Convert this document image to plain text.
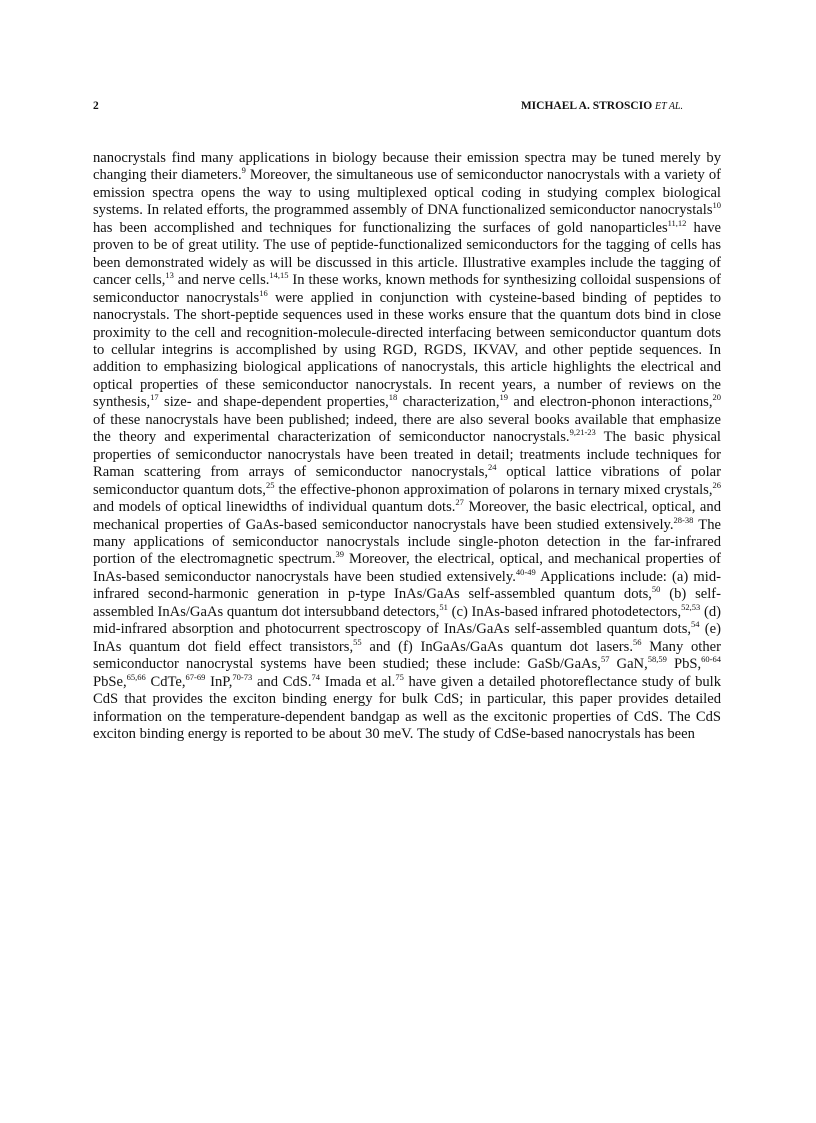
2	MICHAEL A. STROSCIO ET AL.

nanocrystals find many applications in biology because their emission spectra may be tuned merely by changing their diameters.$^9$ Moreover, the simultaneous use of semiconductor nanocrystals with a variety of emission spectra opens the way to using multiplexed optical coding in studying complex biological systems. In related efforts, the programmed assembly of DNA functionalized semiconductor nanocrystals$^{10}$ has been accomplished and techniques for functionalizing the surfaces of gold nanoparticles$^{11,12}$ have proven to be of great utility. The use of peptide-functionalized semiconductors for the tagging of cells has been demonstrated widely as will be discussed in this article. Illustrative examples include the tagging of cancer cells,$^{13}$ and nerve cells.$^{14,15}$ In these works, known methods for synthesizing colloidal suspensions of semiconductor nanocrystals$^{16}$ were applied in conjunction with cysteine-based binding of peptides to nanocrystals. The short-peptide sequences used in these works ensure that the quantum dots bind in close proximity to the cell and recognition-molecule-directed interfacing between semiconductor quantum dots to cellular integrins is accomplished by using RGD, RGDS, IKVAV, and other peptide sequences. In addition to emphasizing biological applications of nanocrystals, this article highlights the electrical and optical properties of these semiconductor nanocrystals. In recent years, a number of reviews on the synthesis,$^{17}$ size- and shape-dependent properties,$^{18}$ characterization,$^{19}$ and electron-phonon interactions,$^{20}$ of these nanocrystals have been published; indeed, there are also several books available that emphasize the theory and experimental characterization of semiconductor nanocrystals.$^{9,21-23}$ The basic physical properties of semiconductor nanocrystals have been treated in detail; treatments include techniques for Raman scattering from arrays of semiconductor nanocrystals,$^{24}$ optical lattice vibrations of polar semiconductor quantum dots,$^{25}$ the effective-phonon approximation of polarons in ternary mixed crystals,$^{26}$ and models of optical linewidths of individual quantum dots.$^{27}$ Moreover, the basic electrical, optical, and mechanical properties of GaAs-based semiconductor nanocrystals have been studied extensively.$^{28-38}$ The many applications of semiconductor nanocrystals include single-photon detection in the far-infrared portion of the electromagnetic spectrum.$^{39}$ Moreover, the electrical, optical, and mechanical properties of InAs-based semiconductor nanocrystals have been studied extensively.$^{40-49}$ Applications include: (a) mid-infrared second-harmonic generation in p-type InAs/GaAs self-assembled quantum dots,$^{50}$ (b) self-assembled InAs/GaAs quantum dot intersubband detectors,$^{51}$ (c) InAs-based infrared photodetectors,$^{52,53}$ (d) mid-infrared absorption and photocurrent spectroscopy of InAs/GaAs self-assembled quantum dots,$^{54}$ (e) InAs quantum dot field effect transistors,$^{55}$ and (f) InGaAs/GaAs quantum dot lasers.$^{56}$ Many other semiconductor nanocrystal systems have been studied; these include: GaSb/GaAs,$^{57}$ GaN,$^{58,59}$ PbS,$^{60-64}$ PbSe,$^{65,66}$ CdTe,$^{67-69}$ InP,$^{70-73}$ and CdS.$^{74}$ Imada et al.$^{75}$ have given a detailed photoreflectance study of bulk CdS that provides the exciton binding energy for bulk CdS; in particular, this paper provides detailed information on the temperature-dependent bandgap as well as the excitonic properties of CdS. The CdS exciton binding energy is reported to be about 30 meV. The study of CdSe-based nanocrystals has been
